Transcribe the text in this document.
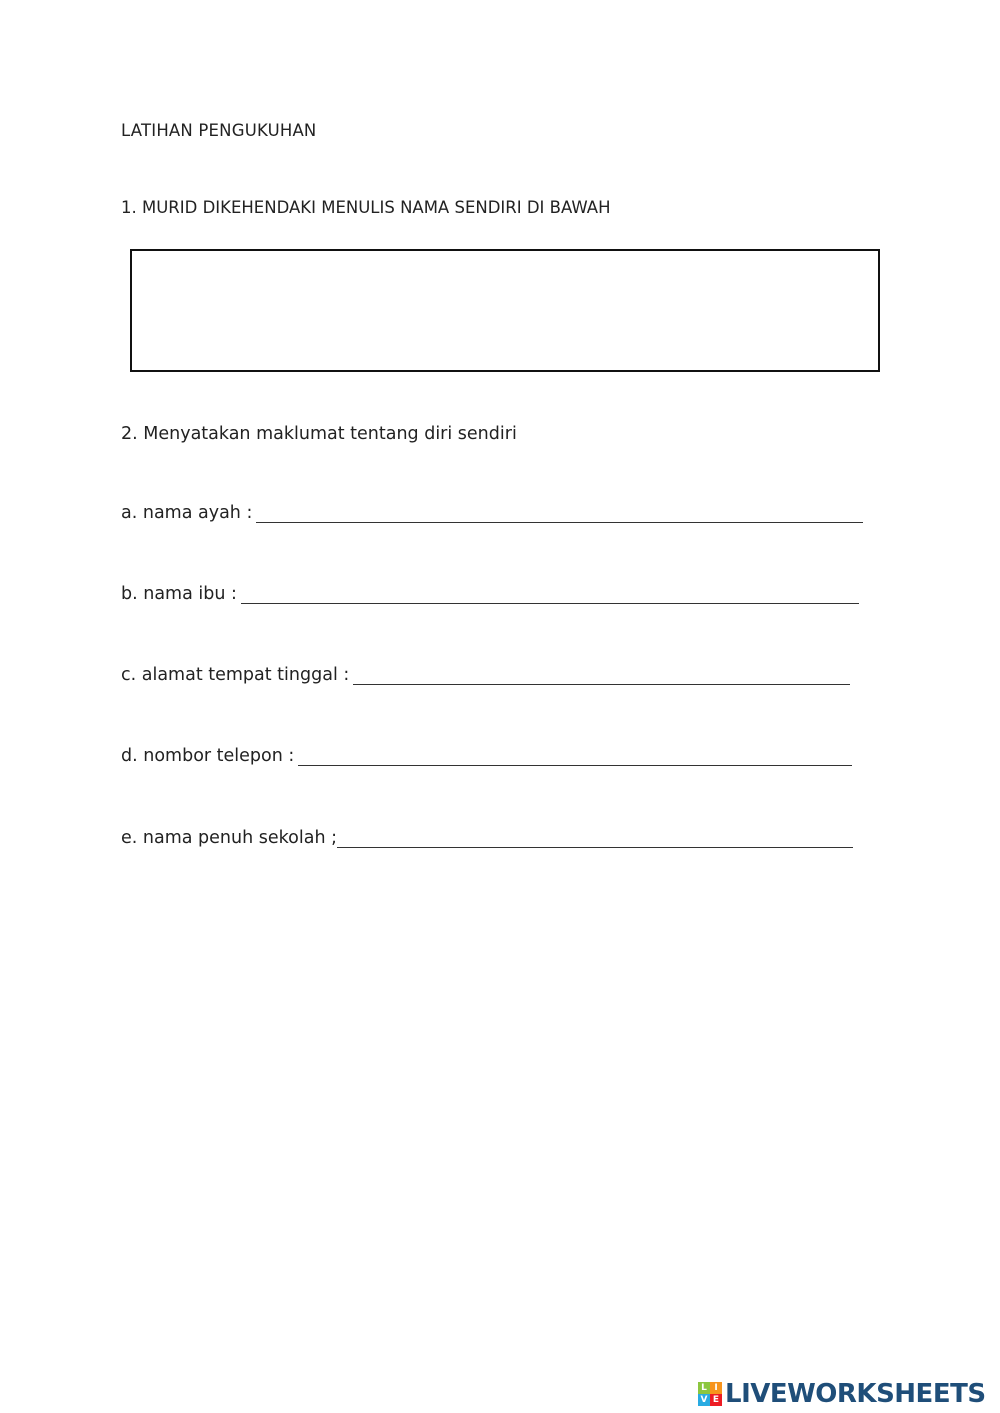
LATIHAN PENGUKUHAN
1. MURID DIKEHENDAKI MENULIS NAMA SENDIRI DI BAWAH
2. Menyatakan maklumat tentang diri sendiri
a. nama ayah :
b. nama ibu :
c. alamat tempat tinggal :
d. nombor telepon :
e. nama penuh sekolah ;
L I
V E LIVEWORKSHEETS
